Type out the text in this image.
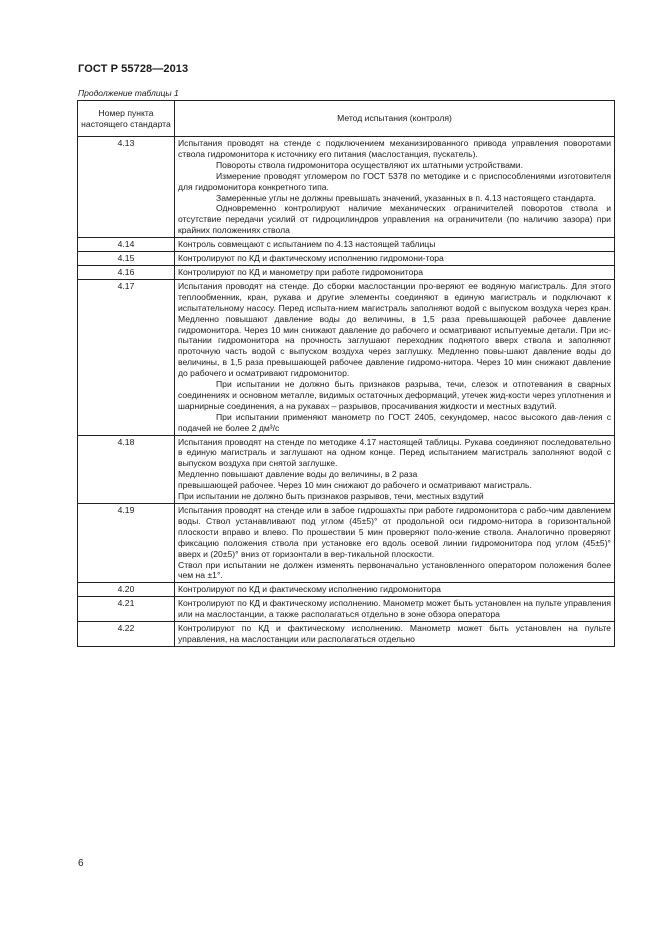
ГОСТ Р 55728—2013
Продолжение таблицы 1
Номер пункта настоящего стандарта	Метод испытания (контроля)
4.13	Испытания проводят на стенде с подключением механизированного привода управления поворотами ствола гидромонитора к источнику его питания (маслостанция, пускатель).

Повороты ствола гидромонитора осуществляют их штатными устройствами.

Измерение проводят угломером по ГОСТ 5378 по методике и с приспособлениями изготовителя для гидромонитора конкретного типа.

Замеренные углы не должны превышать значений, указанных в п. 4.13 настоящего стандарта.

Одновременно контролируют наличие механических ограничителей поворотов ствола и отсутствие передачи усилий от гидроцилиндров управления на ограничители (по наличию зазора) при крайних положениях ствола

4.14	Контроль совмещают с испытанием по 4.13 настоящей таблицы

4.15	Контролируют по КД и фактическому исполнению гидромони-тора

4.16	Контролируют по КД и манометру при работе гидромонитора

4.17	Испытания проводят на стенде. До сборки маслостанции про-веряют ее водяную магистраль. Для этого теплообменник, кран, рукава и другие элементы соединяют в единую магистраль и подключают к испытательному насосу. Перед испыта-нием магистраль заполняют водой с выпуском воздуха через кран. Медленно повышают давление воды до величины, в 1,5 раза превышающей рабочее давление гидромонитора. Через 10 мин снижают давление до рабочего и осматривают испытуемые детали. При ис-пытании гидромонитора на прочность заглушают переходник поднятого вверх ствола и заполняют проточную часть водой с выпуском воздуха через заглушку. Медленно повы-шают давление воды до величины, в 1,5 раза превышающей рабочее давление гидромо-нитора. Через 10 мин снижают давление до рабочего и осматривают гидромонитор.

При испытании не должно быть признаков разрыва, течи, слезок и отпотевания в сварных соединениях и основном металле, видимых остаточных деформаций, утечек жид-кости через уплотнения и шарнирные соединения, а на рукавах – разрывов, просачивания жидкости и местных вздутий.

При испытании применяют манометр по ГОСТ 2405, секундомер, насос высокого дав-ления с подачей не более 2 дм³/с

4.18	Испытания проводят на стенде по методике 4.17 настоящей таблицы. Рукава соединяют последовательно в единую магистраль и заглушают на одном конце. Перед испытанием магистраль заполняют водой с выпуском воздуха при снятой заглушке.

Медленно повышают давление воды до величины, в 2 раза

превышающей рабочее. Через 10 мин снижают до рабочего и осматривают магистраль.

При испытании не должно быть признаков разрывов, течи, местных вздутий

4.19	Испытания проводят на стенде или в забое гидрошахты при работе гидромонитора с рабо-чим давлением воды. Ствол устанавливают под углом (45±5)° от продольной оси гидромо-нитора в горизонтальной плоскости вправо и влево. По прошествии 5 мин проверяют поло-жение ствола. Аналогично проверяют фиксацию положения ствола при установке его вдоль осевой линии гидромонитора под углом (45±5)° вверх и (20±5)° вниз от горизонтали в вер-тикальной плоскости.

Ствол при испытании не должен изменять первоначально установленного оператором положения более чем на ±1°.

4.20	Контролируют по КД и фактическому исполнению гидромонитора

4.21	Контролируют по КД и фактическому исполнению. Манометр может быть установлен на пульте управления или на маслостанции, а также располагаться отдельно в зоне обзора оператора

4.22	Контролируют по КД и фактическому исполнению. Манометр может быть установлен на пульте управления, на маслостанции или располагаться отдельно

6
